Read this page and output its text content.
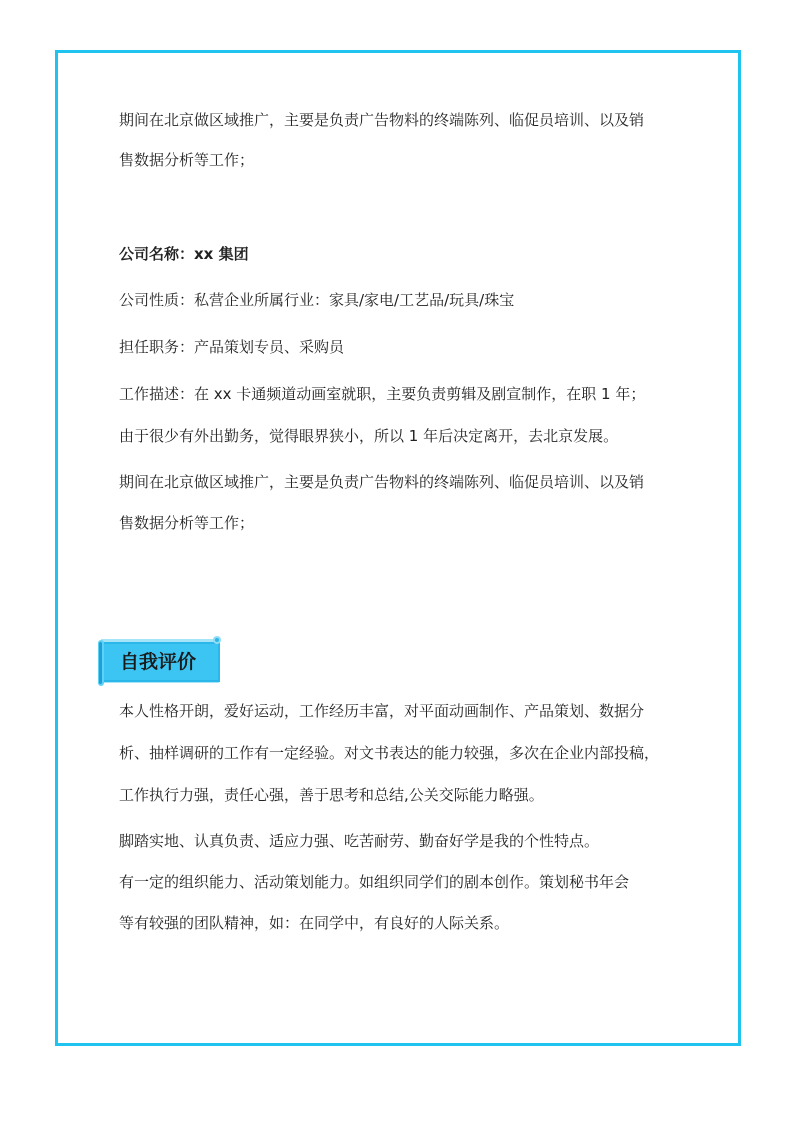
期间在北京做区域推广，主要是负责广告物料的终端陈列、临促员培训、以及销
售数据分析等工作；
公司名称：xx 集团
公司性质：私营企业所属行业：家具/家电/工艺品/玩具/珠宝
担任职务：产品策划专员、采购员
工作描述：在 xx 卡通频道动画室就职，主要负责剪辑及剧宣制作，在职 1 年；
由于很少有外出勤务，觉得眼界狭小，所以 1 年后决定离开，去北京发展。
期间在北京做区域推广，主要是负责广告物料的终端陈列、临促员培训、以及销
售数据分析等工作；
自我评价
本人性格开朗，爱好运动，工作经历丰富，对平面动画制作、产品策划、数据分
析、抽样调研的工作有一定经验。对文书表达的能力较强，多次在企业内部投稿，
工作执行力强，责任心强，善于思考和总结,公关交际能力略强。
脚踏实地、认真负责、适应力强、吃苦耐劳、勤奋好学是我的个性特点。
有一定的组织能力、活动策划能力。如组织同学们的剧本创作。策划秘书年会
等有较强的团队精神，如：在同学中，有良好的人际关系。
